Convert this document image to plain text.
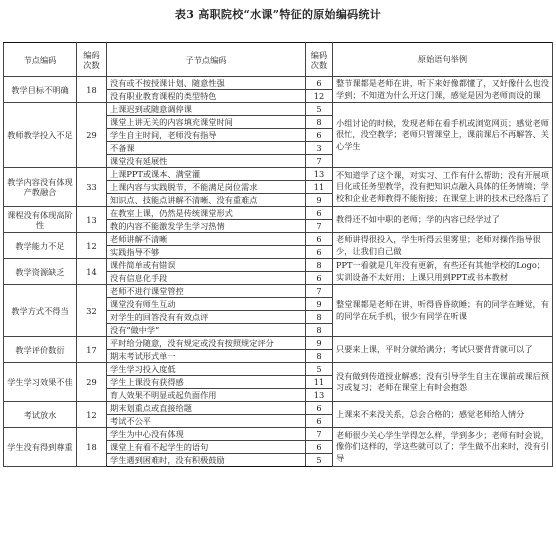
表3 高职院校“水课”特征的原始编码统计
节点编码	编码次数	子节点编码	编码次数	原始语句举例
教学目标不明确	18	没有或不按授课计划、随意性强	6	整节课都是老师在讲，听下来好像都懂了，又好像什么也没学到；不知道为什么开这门课，感觉是因为老师而设的课
		没有职业教育课程的类型特色	12	
教师教学投入不足	29	上课迟到或随意调停课	5	小组讨论的时候，发现老师在看手机或浏览网页；感觉老师很忙，没空教学；老师只管课堂上，课前课后不再解答、关心学生
		课堂上讲无关的内容填充课堂时间	8	
		学生自主时间，老师没有指导	6	
		不备课	3	
		课堂没有延展性	7	
教学内容没有体现产教融合	33	上课PPT或课本、满堂灌	13	不知道学了这个课，对实习、工作有什么帮助；没有开展项目化或任务型教学，没有把知识点融入具体的任务情境；学校和企业老师教得不能衔接；在课堂上讲的技术已经落后了
		上课内容与实践脱节，不能满足岗位需求	11	
		知识点、技能点讲解不清晰、没有重难点	9	
课程没有体现高阶性	13	在教室上课，仍然是传统课堂形式	6	教得还不如中职的老师；学的内容已经学过了
		教的内容不能激发学生学习热情	7	
教学能力不足	12	老师讲解不清晰	6	老师讲得很投入，学生听得云里雾里；老师对操作指导很少，让我们自己做
		实践指导不够	6	
教学资源缺乏	14	课件简单或有错误	8	PPT一看就是几年没有更新，有些还有其他学校的Logo；实训设备不太好用；上课只用到PPT或书本教材
		没有信息化手段	6	
教学方式不得当	32	老师不进行课堂管控	7	整堂课都是老师在讲，听得昏昏欲睡；有的同学在睡觉，有的同学在玩手机，很少有同学在听课
		课堂没有师生互动	9	
		对学生的回答没有有效点评	8	
		没有“做中学”	8	
教学评价数衍	17	平时给分随意，没有规定或没有按照规定评分	9	只要来上课，平时分就给满分；考试只要背背就可以了
		期末考试形式单一	8	
学生学习效果不佳	29	学生学习投入度低	5	没有做到传道授业解惑；没有引导学生自主在课前或课后预习或复习；老师在课堂上有时会抱怨
		学生上课没有获得感	11	
		育人效果不明显或起负面作用	13	
考试放水	12	期末划重点或直接给题	6	上课来不来没关系，总会合格的；感觉老师给人情分
		考试不公平	6	
学生没有得到尊重	18	学生为中心没有体现	7	老师很少关心学生学得怎么样，学到多少；老师有时会说，像你们这样的，学这些就可以了；学生做不出来时，没有引导
		课堂上有看不起学生的语句	6	
		学生遇到困难时，没有积极鼓励	5	
